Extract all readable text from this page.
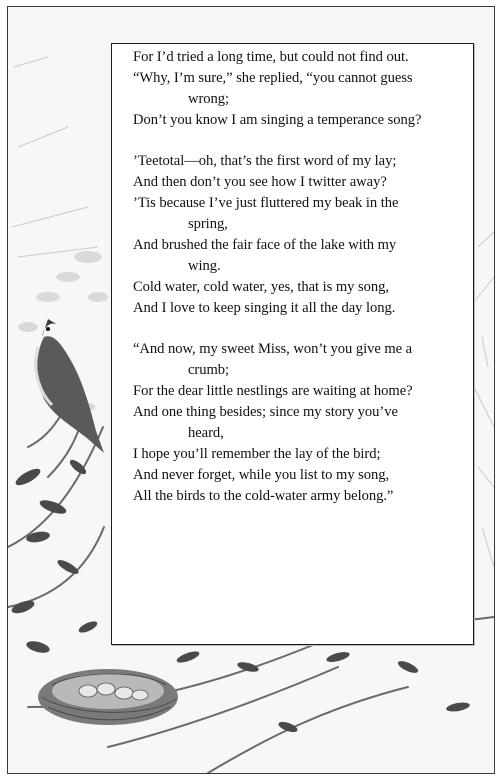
For I’d tried a long time, but could not find out.
“Why, I’m sure,” she replied, “you cannot guess
wrong;
Don’t you know I am singing a temperance song?
’Teetotal—oh, that’s the first word of my lay;
And then don’t you see how I twitter away?
’Tis because I’ve just fluttered my beak in the
spring,
And brushed the fair face of the lake with my
wing.
Cold water, cold water, yes, that is my song,
And I love to keep singing it all the day long.
“And now, my sweet Miss, won’t you give me a
crumb;
For the dear little nestlings are waiting at home?
And one thing besides; since my story you’ve
heard,
I hope you’ll remember the lay of the bird;
And never forget, while you list to my song,
All the birds to the cold-water army belong.”
